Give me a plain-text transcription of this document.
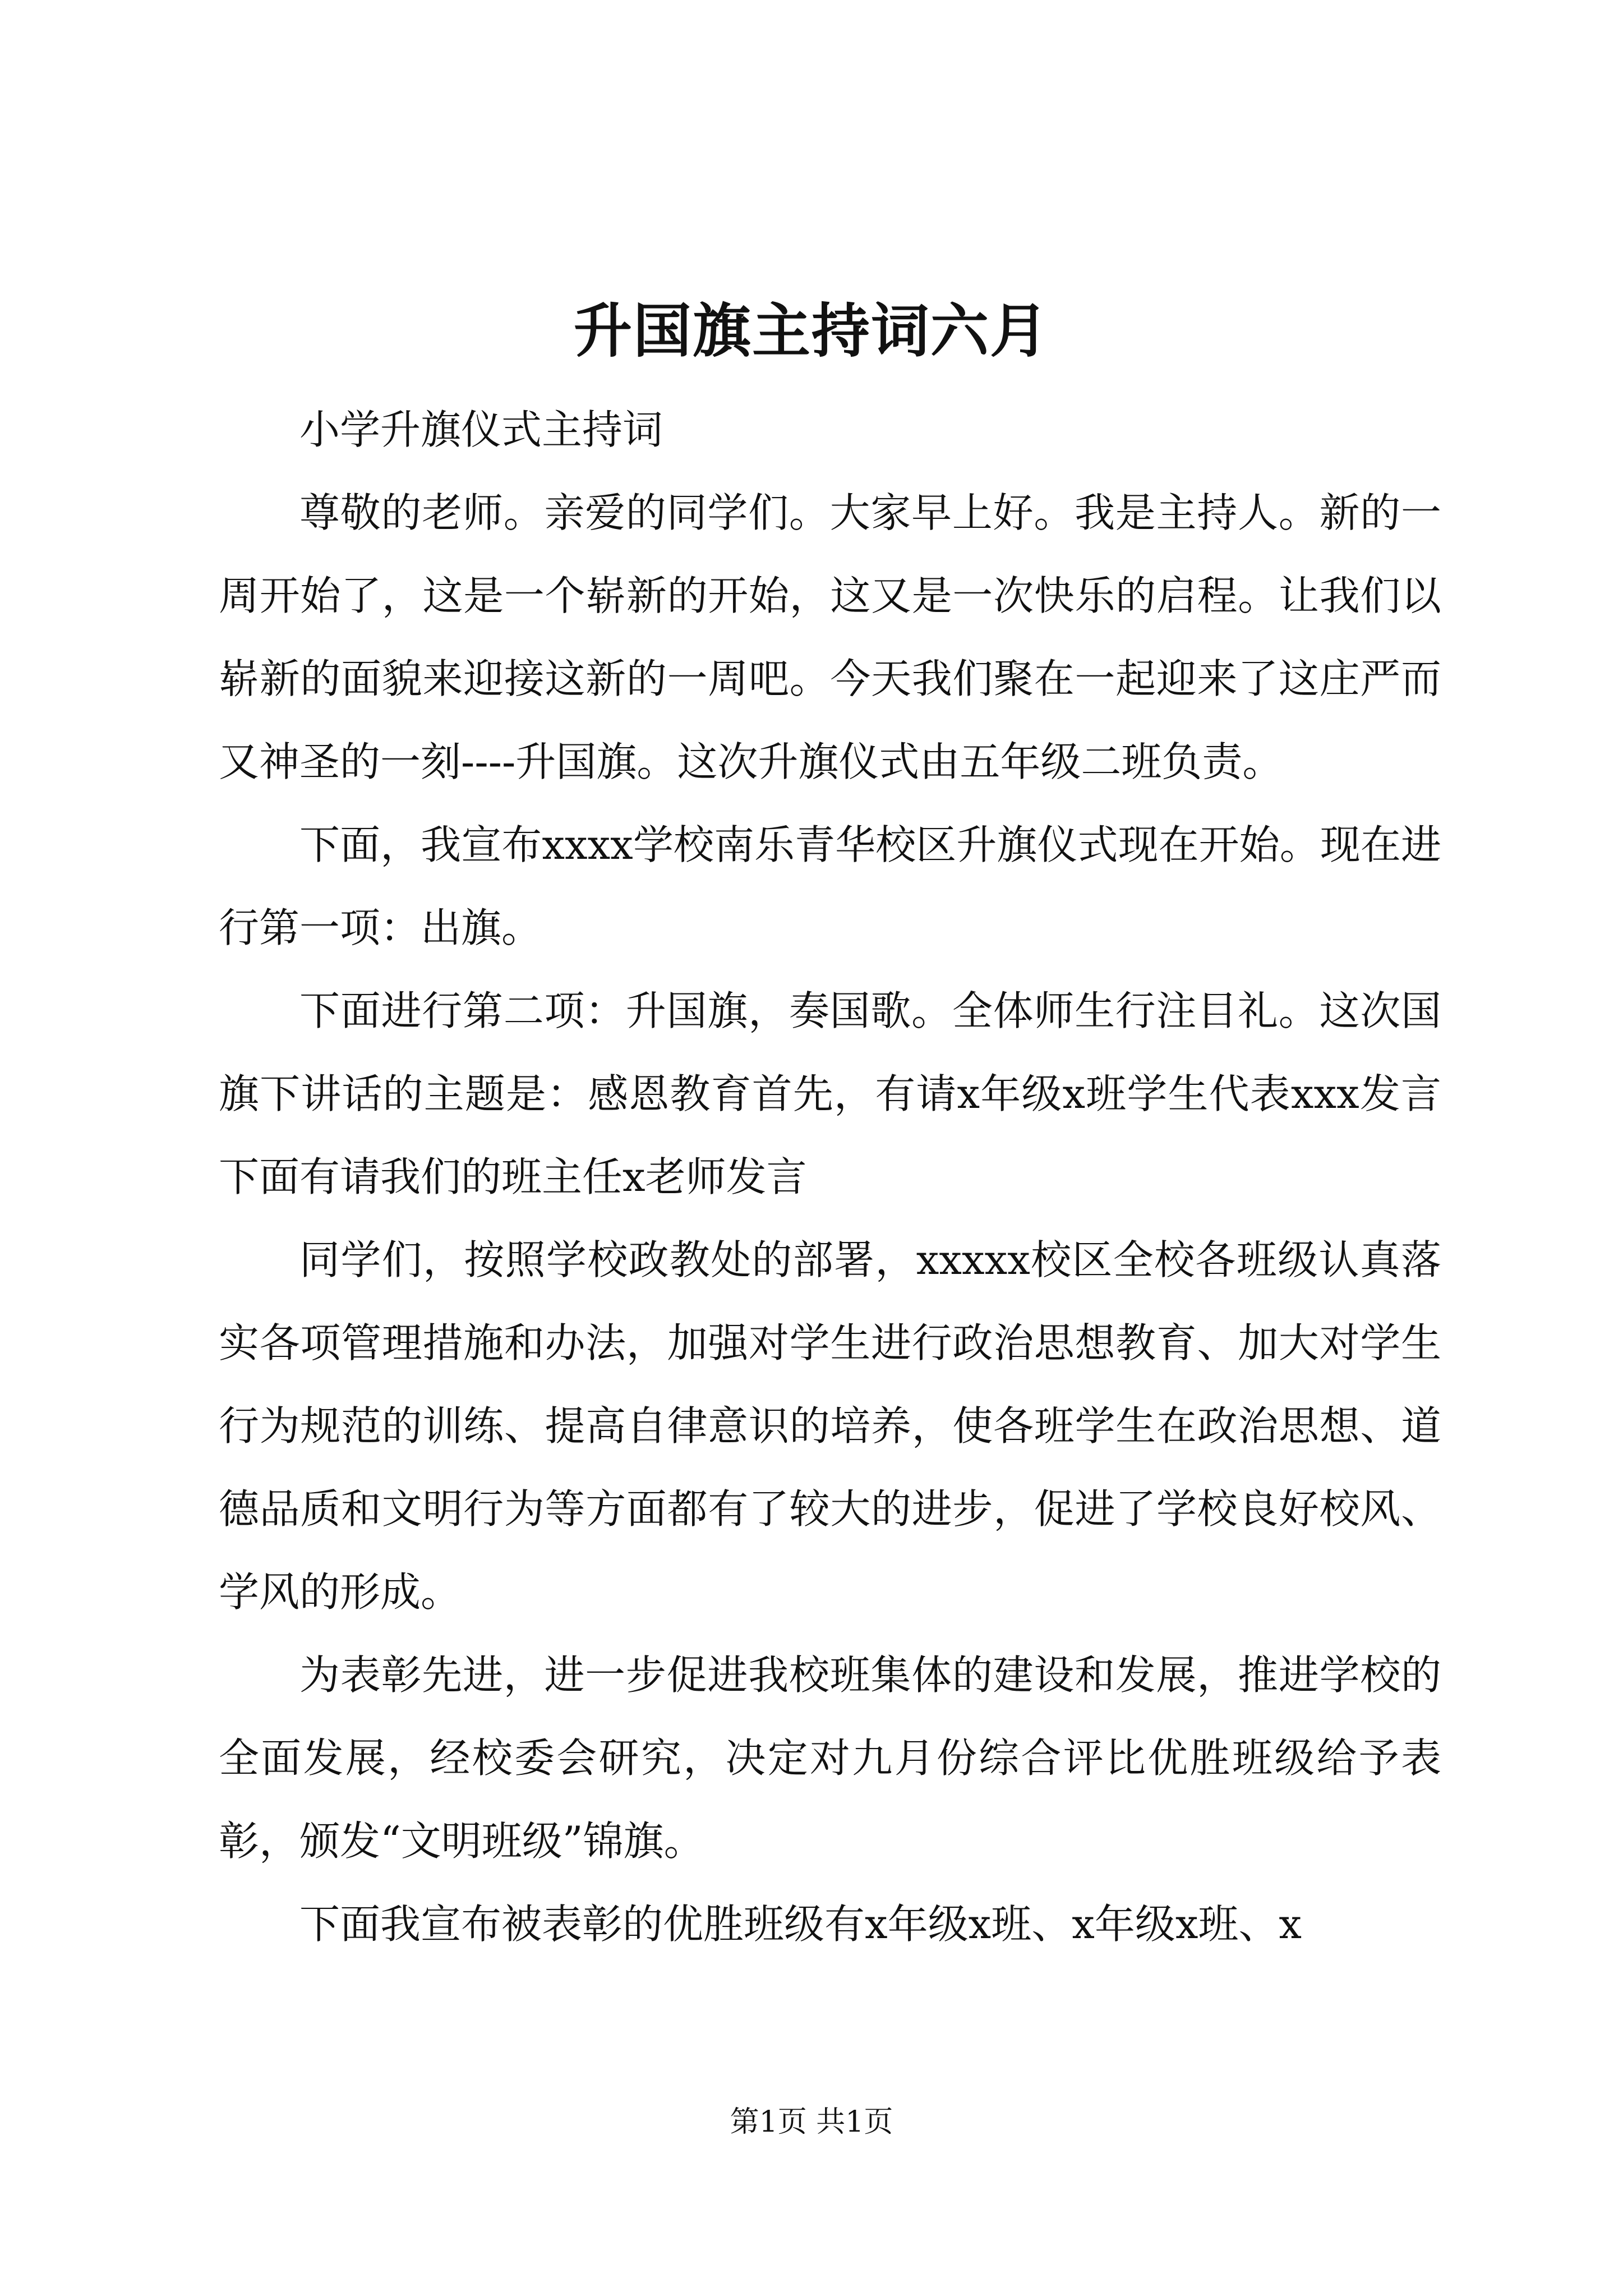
升国旗主持词六月

小学升旗仪式主持词

尊敬的老师。亲爱的同学们。大家早上好。我是主持人。新的一周开始了，这是一个崭新的开始，这又是一次快乐的启程。让我们以崭新的面貌来迎接这新的一周吧。今天我们聚在一起迎来了这庄严而又神圣的一刻----升国旗。这次升旗仪式由五年级二班负责。

下面，我宣布xxxx学校南乐青华校区升旗仪式现在开始。现在进行第一项：出旗。

下面进行第二项：升国旗，奏国歌。全体师生行注目礼。这次国旗下讲话的主题是：感恩教育首先，有请x年级x班学生代表xxx发言下面有请我们的班主任x老师发言

同学们，按照学校政教处的部署，xxxxx校区全校各班级认真落实各项管理措施和办法，加强对学生进行政治思想教育、加大对学生行为规范的训练、提高自律意识的培养，使各班学生在政治思想、道德品质和文明行为等方面都有了较大的进步，促进了学校良好校风、学风的形成。

为表彰先进，进一步促进我校班集体的建设和发展，推进学校的全面发展，经校委会研究，决定对九月份综合评比优胜班级给予表彰，颁发“文明班级”锦旗。

下面我宣布被表彰的优胜班级有x年级x班、x年级x班、x

第1页 共1页
